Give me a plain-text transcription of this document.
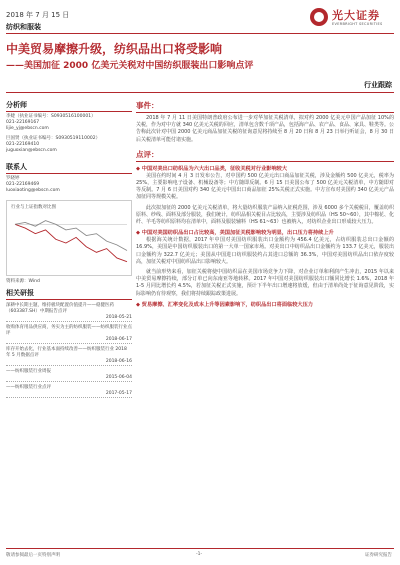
2018 年 7 月 15 日
纺织和服装
光大证券
EVERBRIGHT SECURITIES
中美贸易摩擦升级，纺织品出口将受影响
——美国加征 2000 亿美元关税对中国纺织服装出口影响点评
行业跟踪
分析师
李婕（执业证书编号：S0930516100001）
021-22169167
lijie_yj@ebscn.com
巨国贤（执业证书编号：S0930519110002）
021-22169410
juguoxian@ebscn.com
联系人
罗晓婷
021-22169469
luoxiaoting@ebscn.com
行业与上证指数对比图
资料来源：Wind
相关研报
深耕中长期主题，维持板块配置价值提升——稳健医药（603387.SH）中期报告点评
2018-05-21
收购体育用品供应商，务实为主的纺织服装——纺织服装行业点评
2018-06-17
库存开始去化，行业基本面持续改善——纺织服装行业 2018 年 5 月数据点评
2018-06-16
——纺织服装行业周报
2015-06-04
——纺织服装行业点评
2017-05-17
事件：
2018 年 7 月 11 日美国特朗普政府公布进一步对华加征关税清单，拟对约 2000 亿美元中国产品加征 10%的关税，作为对中方就 340 亿美元关税的回应，清单包含数千项产品，包括海产品、农产品、食品、家具、鞋类等。公告称此次针对中国 2000 亿美元商品加征关税的征询意见将持续至 8 月 20 日和 8 月 23 日举行听证会，8 月 30 日后关税清单可能付诸实施。
点评：
◆ 中国对美出口纺织品为六大出口品类，征收关税对行业影响较大
美国在约时间 4 月 3 日发布公告，对中国约 500 亿美元出口商品加征关税，涉及金额约 500 亿美元，税率为 25%，主要影响电子设备、机械设备等；中方随即反制。6 月 15 日美国公布了 500 亿美元关税清单，中方随即对等反制。7 月 6 日美国对约 340 亿美元中国出口商品加征 25%关税正式实施。中方宣布对美国约 340 亿美元产品加征同等规模关税。
此次拟加征的 2000 亿美元关税清单，将大量纺织服装产品纳入征税范围，涉及 6000 多个关税税目，覆盖纺织原料、纱线、面料及部分服装，我们统计，纺织品相关税目占比较高，主要涉及纺织品（HS 50~60），其中棉花、化纤、羊毛等纺织原料均在清单中，面料及服装辅料（HS 61~63）也被纳入，对纺织企业出口形成较大压力。
◆ 中国对美国纺织品出口占比较高，美国加征关税影响较为明显，出口压力将持续上升
根据海关统计数据，2017 年中国对美国纺织服装出口金额约为 456.4 亿美元，占纺织服装总出口金额的 16.9%，美国是中国纺织服装出口的第一大单一国家市场。对美出口中纺织品出口金额约为 133.7 亿美元，服装出口金额约为 322.7 亿美元；美国从中国进口纺织服装约占其进口总额的 36.3%，中国对美国纺织品出口依存度较高，加征关税对中国纺织品出口影响较大。
就当前形势来看，加征关税将使中国纺织品在美国市场竞争力下降，对企业订单和利润产生冲击，2015 年以来中美贸易摩擦持续，部分订单已向东南亚等地转移。2017 年中国对美国纺织服装出口额同比增长 1.6%，2018 年 1-5 月同比增长约 4.5%，若加征关税正式实施，预计下半年出口增速将放缓，但由于清单尚处于征询意见阶段，实际影响仍有待观察，我们将持续跟踪政策进展。
◆ 贸易摩擦、汇率变化及成本上升等因素影响下，纺织品出口将面临较大压力
敬请参阅最后一页特别声明	-1-	证券研究报告
